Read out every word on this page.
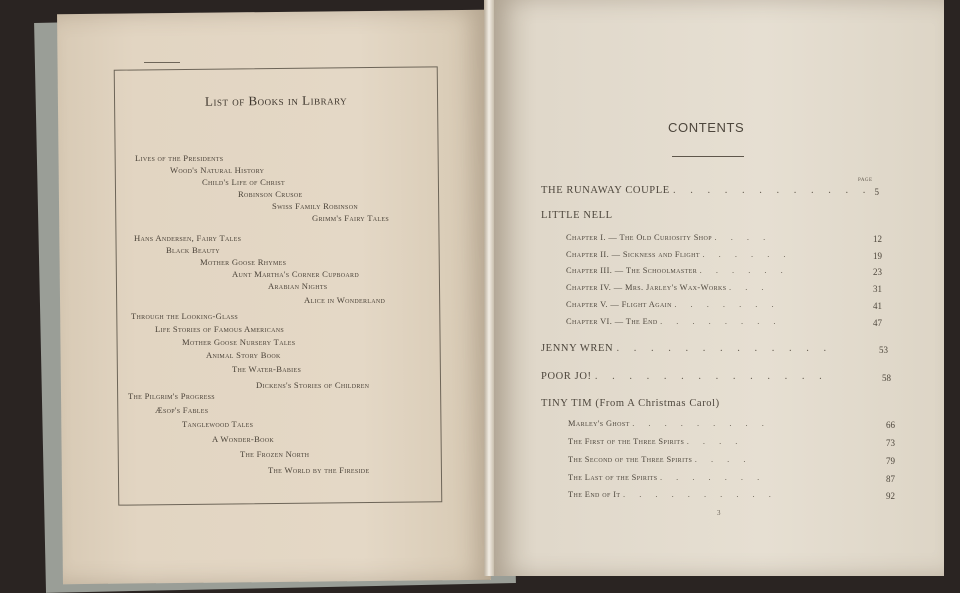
List of Books in Library
Lives of the Presidents
Wood's Natural History
Child's Life of Christ
Robinson Crusoe
Swiss Family Robinson
Grimm's Fairy Tales
Hans Andersen, Fairy Tales
Black Beauty
Mother Goose Rhymes
Aunt Martha's Corner Cupboard
Arabian Nights
Alice in Wonderland
Through the Looking-Glass
Life Stories of Famous Americans
Mother Goose Nursery Tales
Animal Story Book
The Water-Babies
Dickens's Stories of Children
The Pilgrim's Progress
Æsop's Fables
Tanglewood Tales
A Wonder-Book
The Frozen North
The World by the Fireside
CONTENTS
PAGE
THE RUNAWAY COUPLE . . . . . . . . . . . . 5
LITTLE NELL
Chapter I. — The Old Curiosity Shop . . . .	12
Chapter II. — Sickness and Flight . . . . . .	19
Chapter III. — The Schoolmaster . . . . . .	23
Chapter IV. — Mrs. Jarley's Wax-Works . . .	31
Chapter V. — Flight Again . . . . . . .	41
Chapter VI. — The End . . . . . . . .	47
JENNY WREN . . . . . . . . . . . . .	53
POOR JO! . . . . . . . . . . . . . .	58
TINY TIM (From A Christmas Carol)
Marley's Ghost . . . . . . . . .	66
The First of the Three Spirits . . . .	73
The Second of the Three Spirits . . . .	79
The Last of the Spirits . . . . . . .	87
The End of It . . . . . . . . . .	92
3
